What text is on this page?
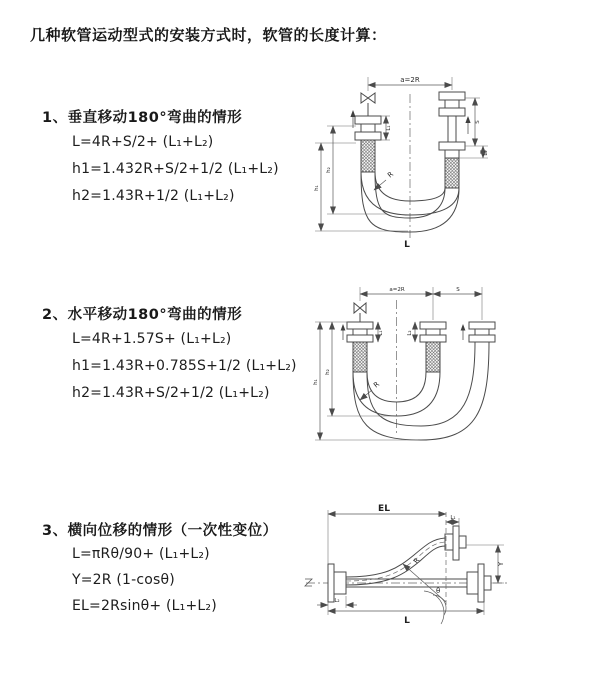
几种软管运动型式的安装方式时，软管的长度计算：
1、垂直移动180°弯曲的情形
L=4R+S/2+ (L₁+L₂)
h1=1.432R+S/2+1/2 (L₁+L₂)
h2=1.43R+1/2 (L₁+L₂)
2、水平移动180°弯曲的情形
L=4R+1.57S+ (L₁+L₂)
h1=1.43R+0.785S+1/2 (L₁+L₂)
h2=1.43R+S/2+1/2 (L₁+L₂)
3、横向位移的情形（一次性变位）
L=πRθ/90+ (L₁+L₂)
Y=2R (1-cosθ)
EL=2Rsinθ+ (L₁+L₂)
a=2R
R
h₁
h₂
L₁
S
L₂
L
a=2R	S
R
h₁
h₂
L₁	L₂
EL
L₁
Y
R
θ
L
L₂
